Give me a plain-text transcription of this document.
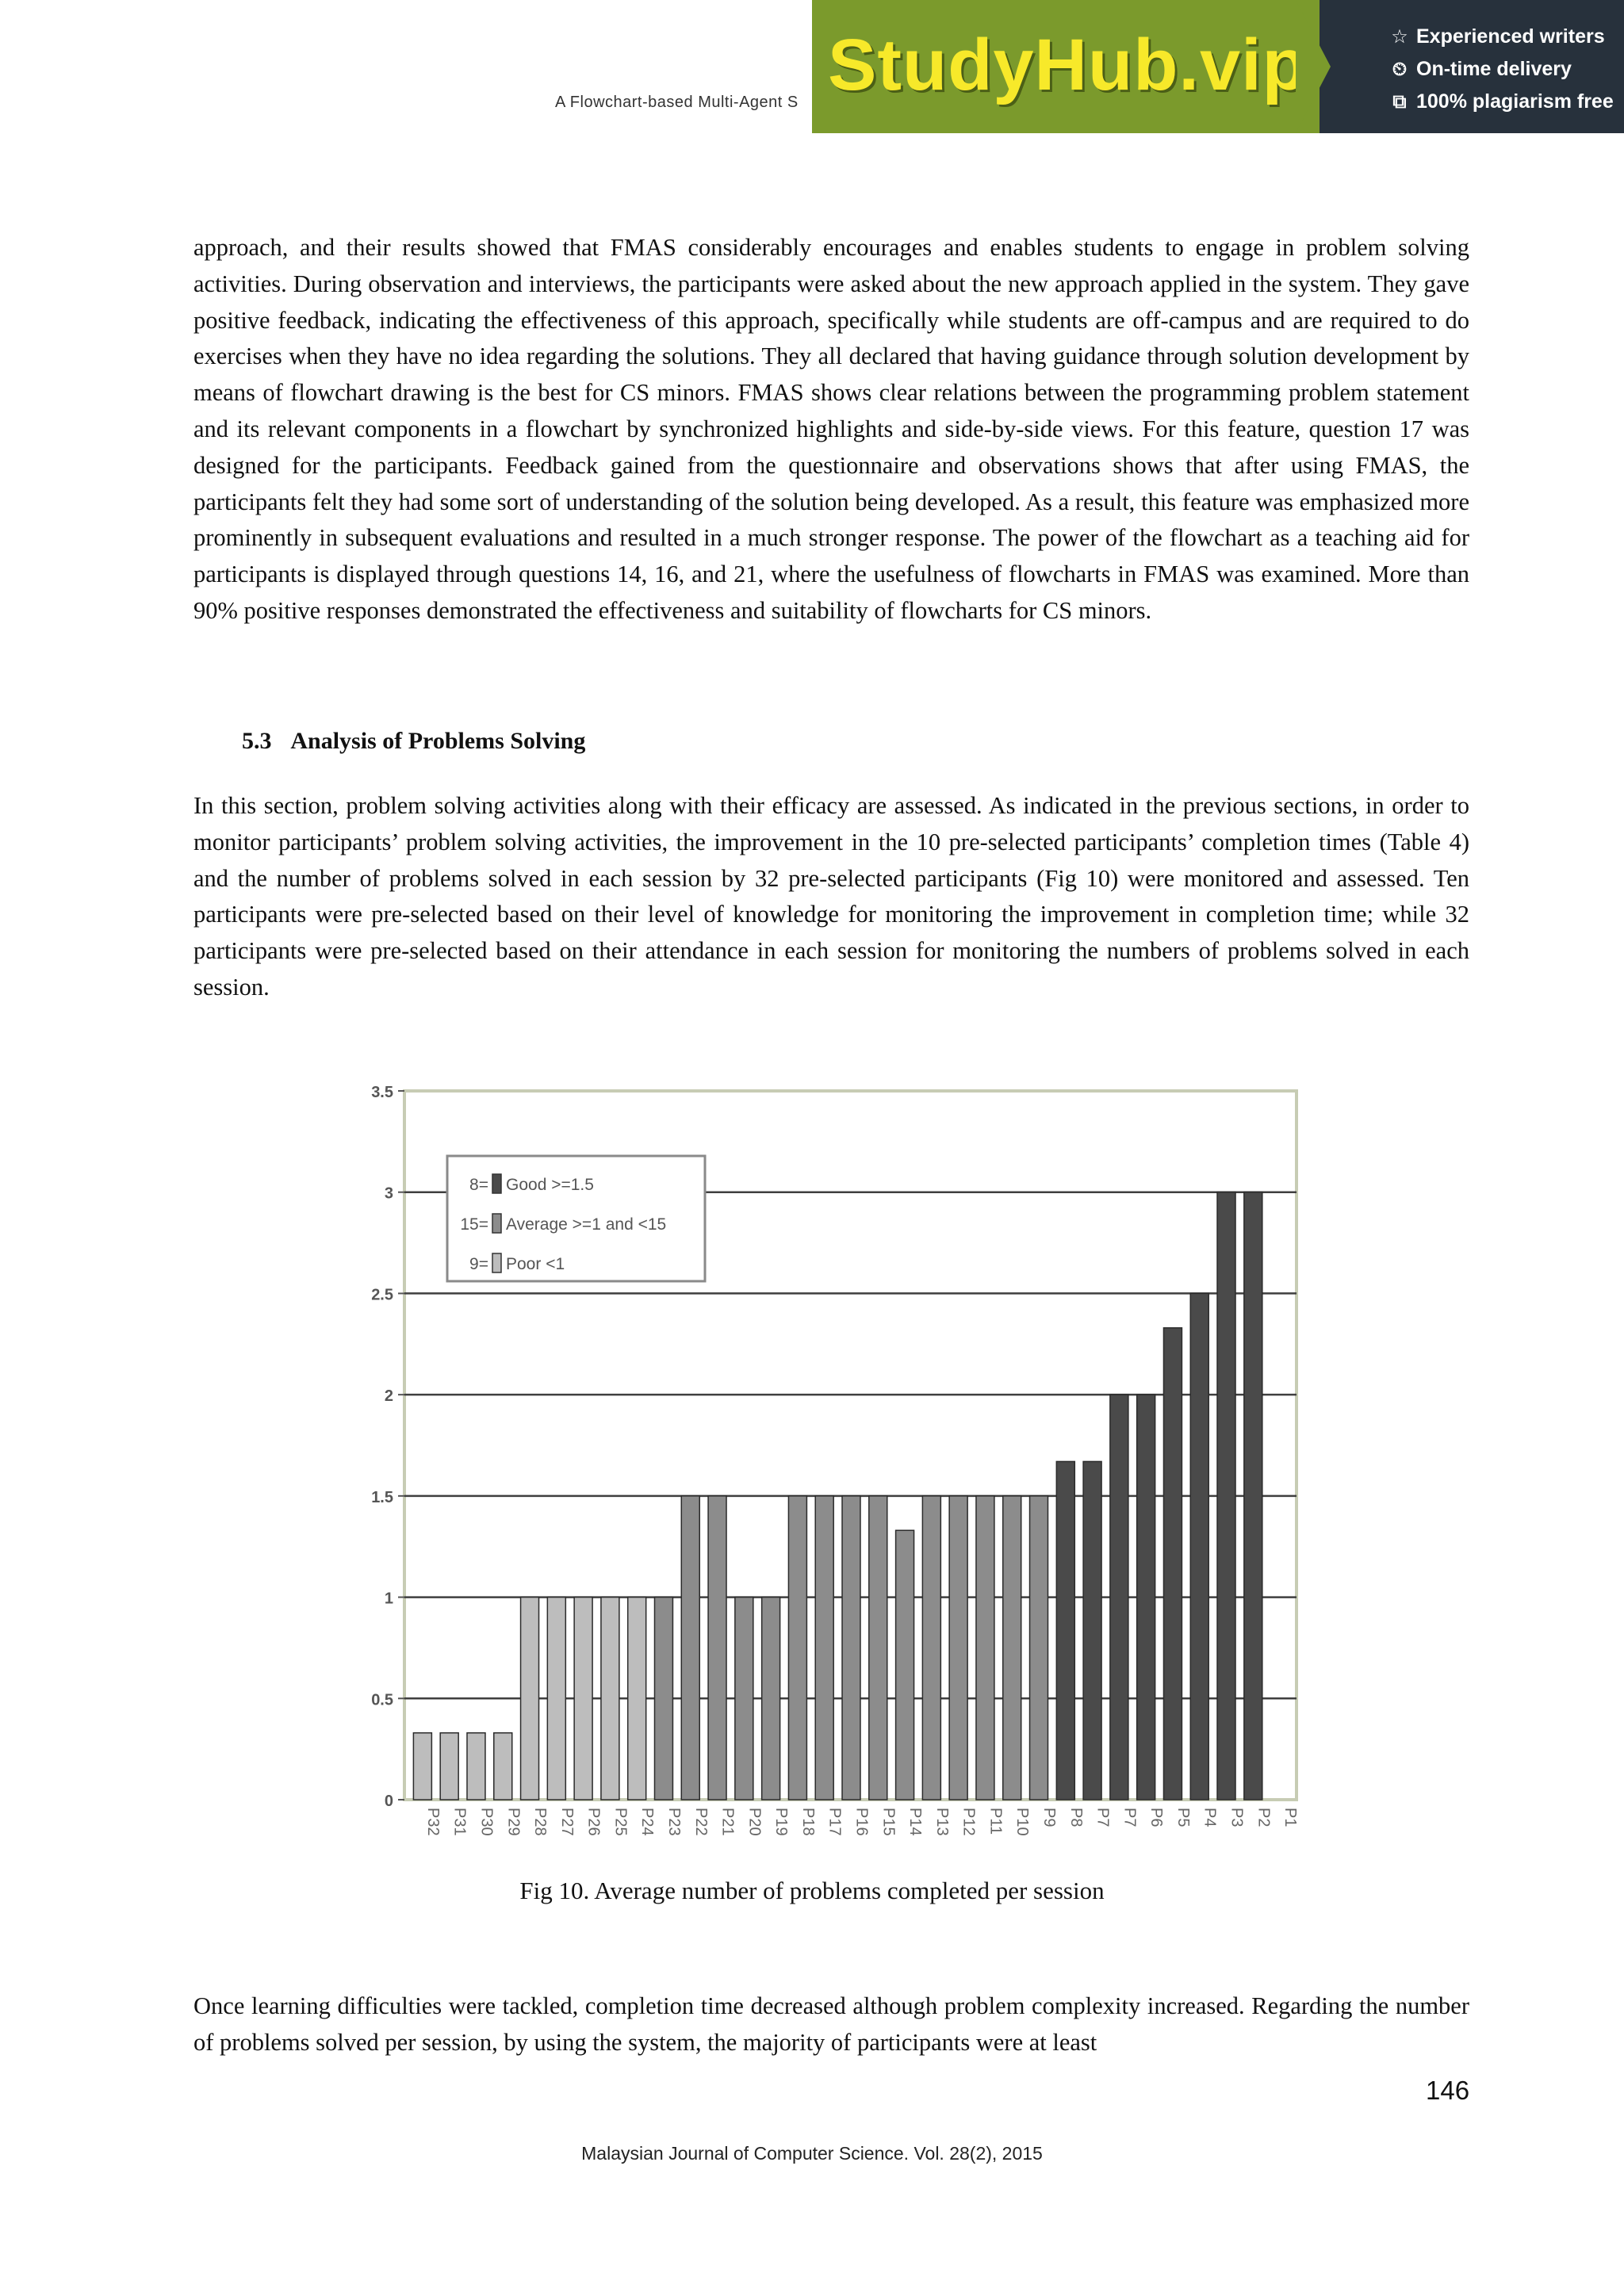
A Flowchart-based Multi-Agent S StudyHub.vip	☆ Experienced writers
⏲ On-time delivery
⧉ 100% plagiarism free
approach, and their results showed that FMAS considerably encourages and enables students to engage in problem solving activities. During observation and interviews, the participants were asked about the new approach applied in the system. They gave positive feedback, indicating the effectiveness of this approach, specifically while students are off-campus and are required to do exercises when they have no idea regarding the solutions. They all declared that having guidance through solution development by means of flowchart drawing is the best for CS minors. FMAS shows clear relations between the programming problem statement and its relevant components in a flowchart by synchronized highlights and side-by-side views. For this feature, question 17 was designed for the participants. Feedback gained from the questionnaire and observations shows that after using FMAS, the participants felt they had some sort of understanding of the solution being developed. As a result, this feature was emphasized more prominently in subsequent evaluations and resulted in a much stronger response. The power of the flowchart as a teaching aid for participants is displayed through questions 14, 16, and 21, where the usefulness of flowcharts in FMAS was examined. More than 90% positive responses demonstrated the effectiveness and suitability of flowcharts for CS minors.
5.3 Analysis of Problems Solving
In this section, problem solving activities along with their efficacy are assessed. As indicated in the previous sections, in order to monitor participants’ problem solving activities, the improvement in the 10 pre-selected participants’ completion times (Table 4) and the number of problems solved in each session by 32 pre-selected participants (Fig 10) were monitored and assessed. Ten participants were pre-selected based on their level of knowledge for monitoring the improvement in completion time; while 32 participants were pre-selected based on their attendance in each session for monitoring the numbers of problems solved in each session.
0
0.5
1
1.5
2
2.5
3
3.5
P32 P31 P30 P29 P28 P27 P26 P25 P24 P23 P22 P21 P20 P19 P18 P17 P16 P15 P14 P13 P12 P11 P10 P9 P8 P7 P7 P6 P5 P4 P3 P2 P1
8= Good >=1.5
15= Average >=1 and <15
9= Poor <1
Fig 10. Average number of problems completed per session
Once learning difficulties were tackled, completion time decreased although problem complexity increased. Regarding the number of problems solved per session, by using the system, the majority of participants were at least
146
Malaysian Journal of Computer Science. Vol. 28(2), 2015
